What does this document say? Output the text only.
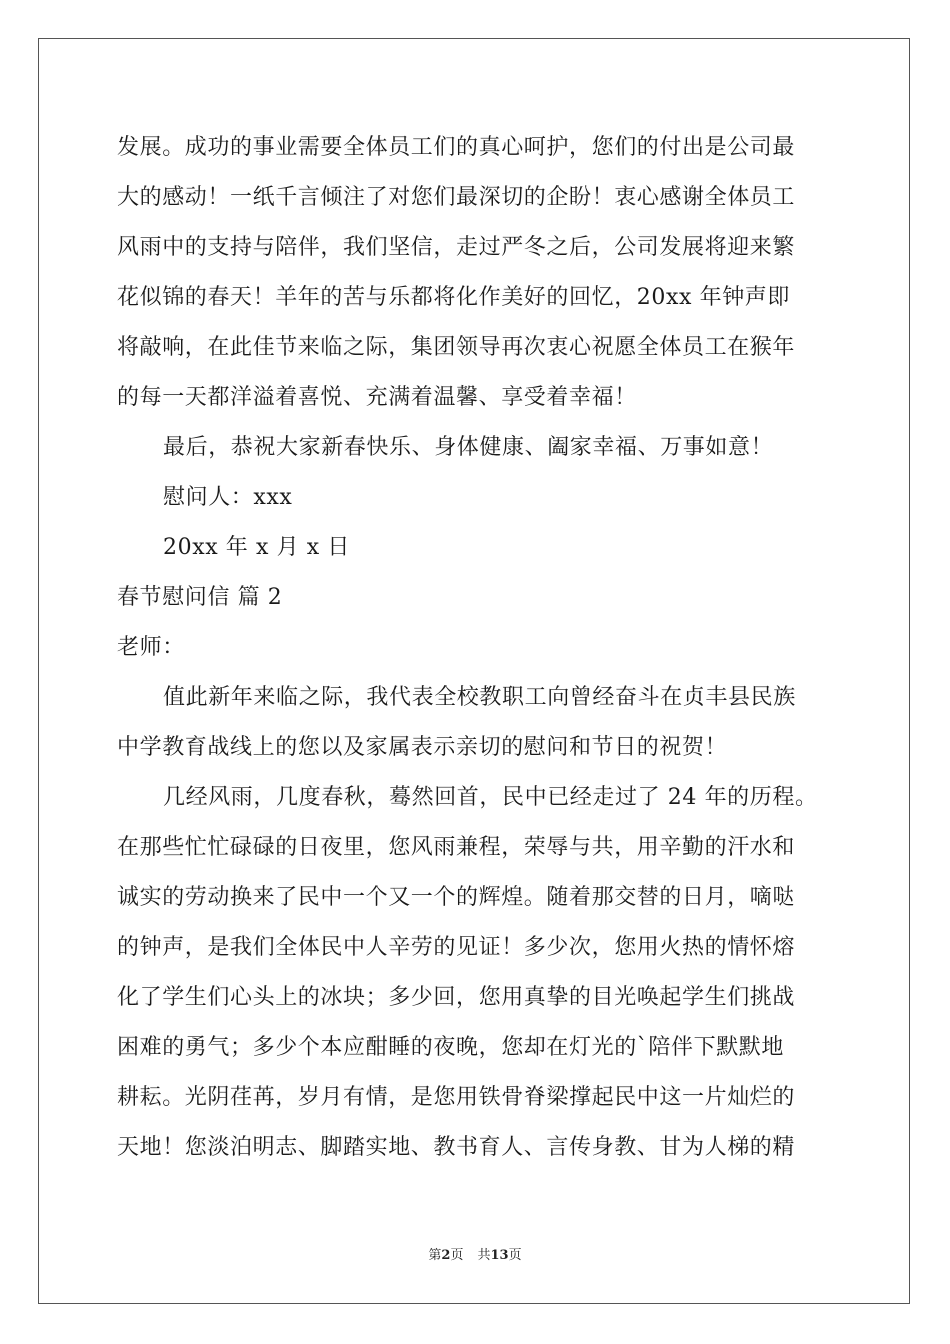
发展。成功的事业需要全体员工们的真心呵护，您们的付出是公司最
大的感动！一纸千言倾注了对您们最深切的企盼！衷心感谢全体员工
风雨中的支持与陪伴，我们坚信，走过严冬之后，公司发展将迎来繁
花似锦的春天！羊年的苦与乐都将化作美好的回忆，20xx 年钟声即
将敲响，在此佳节来临之际，集团领导再次衷心祝愿全体员工在猴年
的每一天都洋溢着喜悦、充满着温馨、享受着幸福！
最后，恭祝大家新春快乐、身体健康、阖家幸福、万事如意！
慰问人：xxx
20xx 年 x 月 x 日
春节慰问信 篇 2
老师：
值此新年来临之际，我代表全校教职工向曾经奋斗在贞丰县民族
中学教育战线上的您以及家属表示亲切的慰问和节日的祝贺！
几经风雨，几度春秋，蓦然回首，民中已经走过了 24 年的历程。
在那些忙忙碌碌的日夜里，您风雨兼程，荣辱与共，用辛勤的汗水和
诚实的劳动换来了民中一个又一个的辉煌。随着那交替的日月，嘀哒
的钟声，是我们全体民中人辛劳的见证！多少次，您用火热的情怀熔
化了学生们心头上的冰块；多少回，您用真挚的目光唤起学生们挑战
困难的勇气；多少个本应酣睡的夜晚，您却在灯光的`陪伴下默默地
耕耘。光阴荏苒，岁月有情，是您用铁骨脊梁撑起民中这一片灿烂的
天地！您淡泊明志、脚踏实地、教书育人、言传身教、甘为人梯的精
第2页 共13页
